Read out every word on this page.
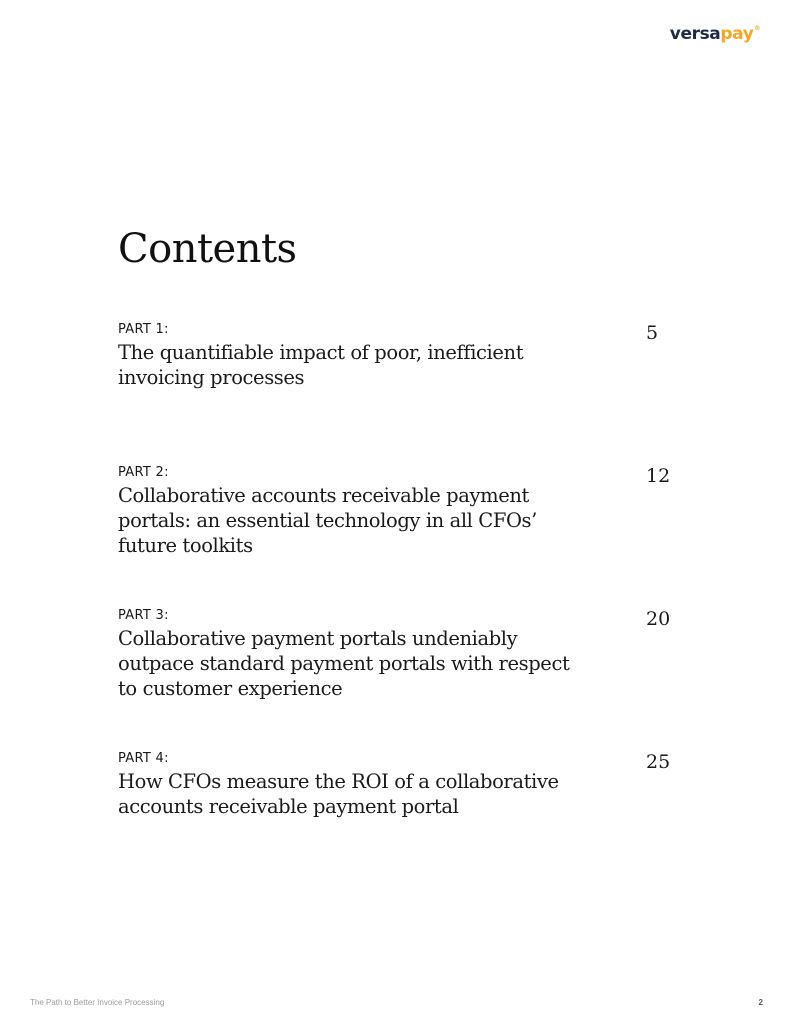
versapay®
Contents
PART 1:
The quantifiable impact of poor, inefficient invoicing processes
5
PART 2:
Collaborative accounts receivable payment portals: an essential technology in all CFOs’ future toolkits
12
PART 3:
Collaborative payment portals undeniably outpace standard payment portals with respect to customer experience
20
PART 4:
How CFOs measure the ROI of a collaborative accounts receivable payment portal
25
The Path to Better Invoice Processing	2
